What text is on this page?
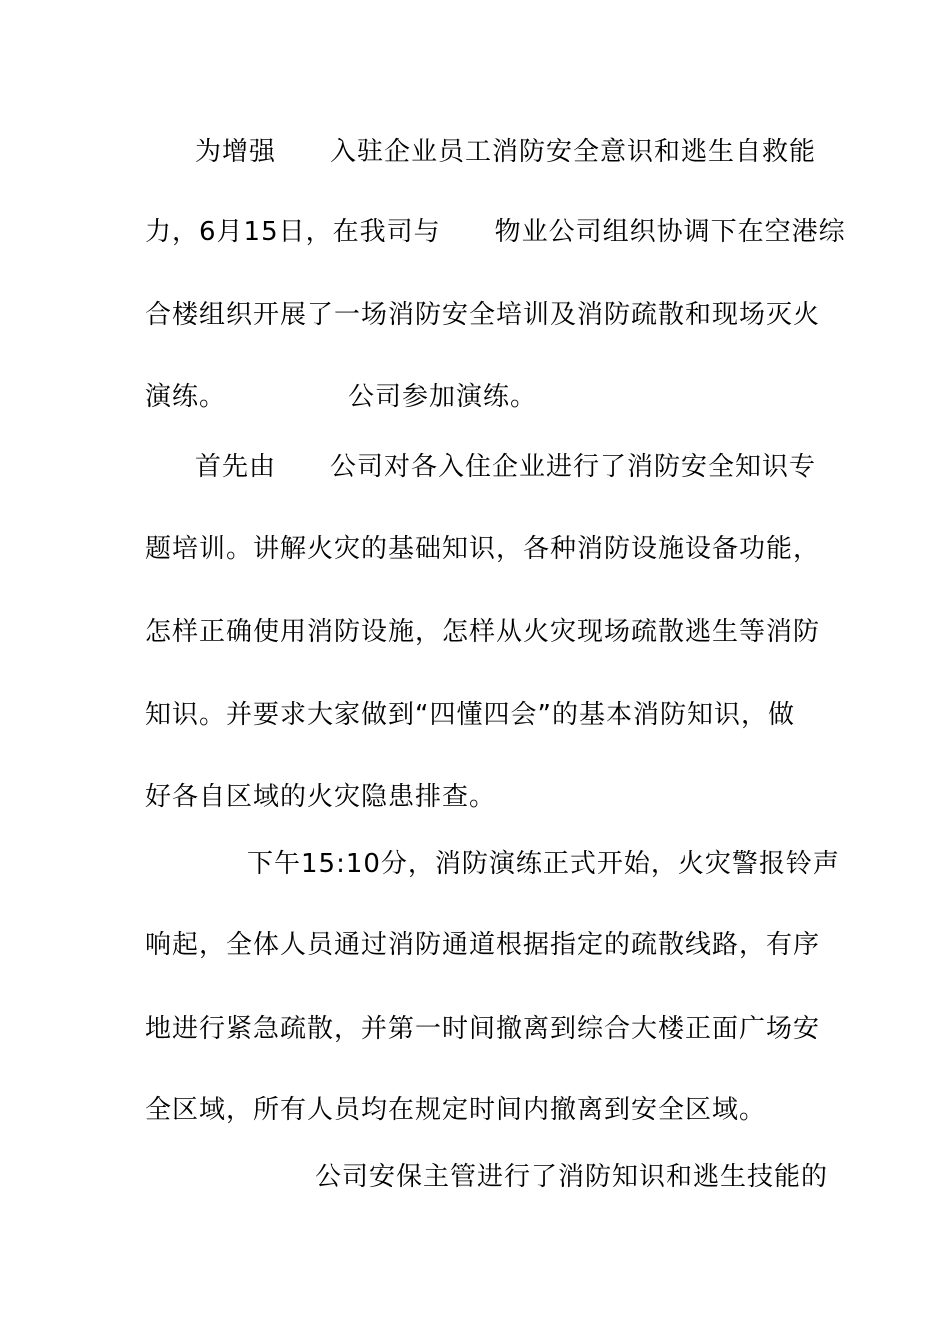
为增强　　入驻企业员工消防安全意识和逃生自救能

力，6月15日，在我司与　　物业公司组织协调下在空港综

合楼组织开展了一场消防安全培训及消防疏散和现场灭火

演练。　　　　　公司参加演练。

首先由　　公司对各入住企业进行了消防安全知识专

题培训。讲解火灾的基础知识，各种消防设施设备功能，

怎样正确使用消防设施，怎样从火灾现场疏散逃生等消防

知识。并要求大家做到“四懂四会”的基本消防知识，做

好各自区域的火灾隐患排查。

下午15:10分，消防演练正式开始，火灾警报铃声

响起，全体人员通过消防通道根据指定的疏散线路，有序

地进行紧急疏散，并第一时间撤离到综合大楼正面广场安

全区域，所有人员均在规定时间内撤离到安全区域。

公司安保主管进行了消防知识和逃生技能的
